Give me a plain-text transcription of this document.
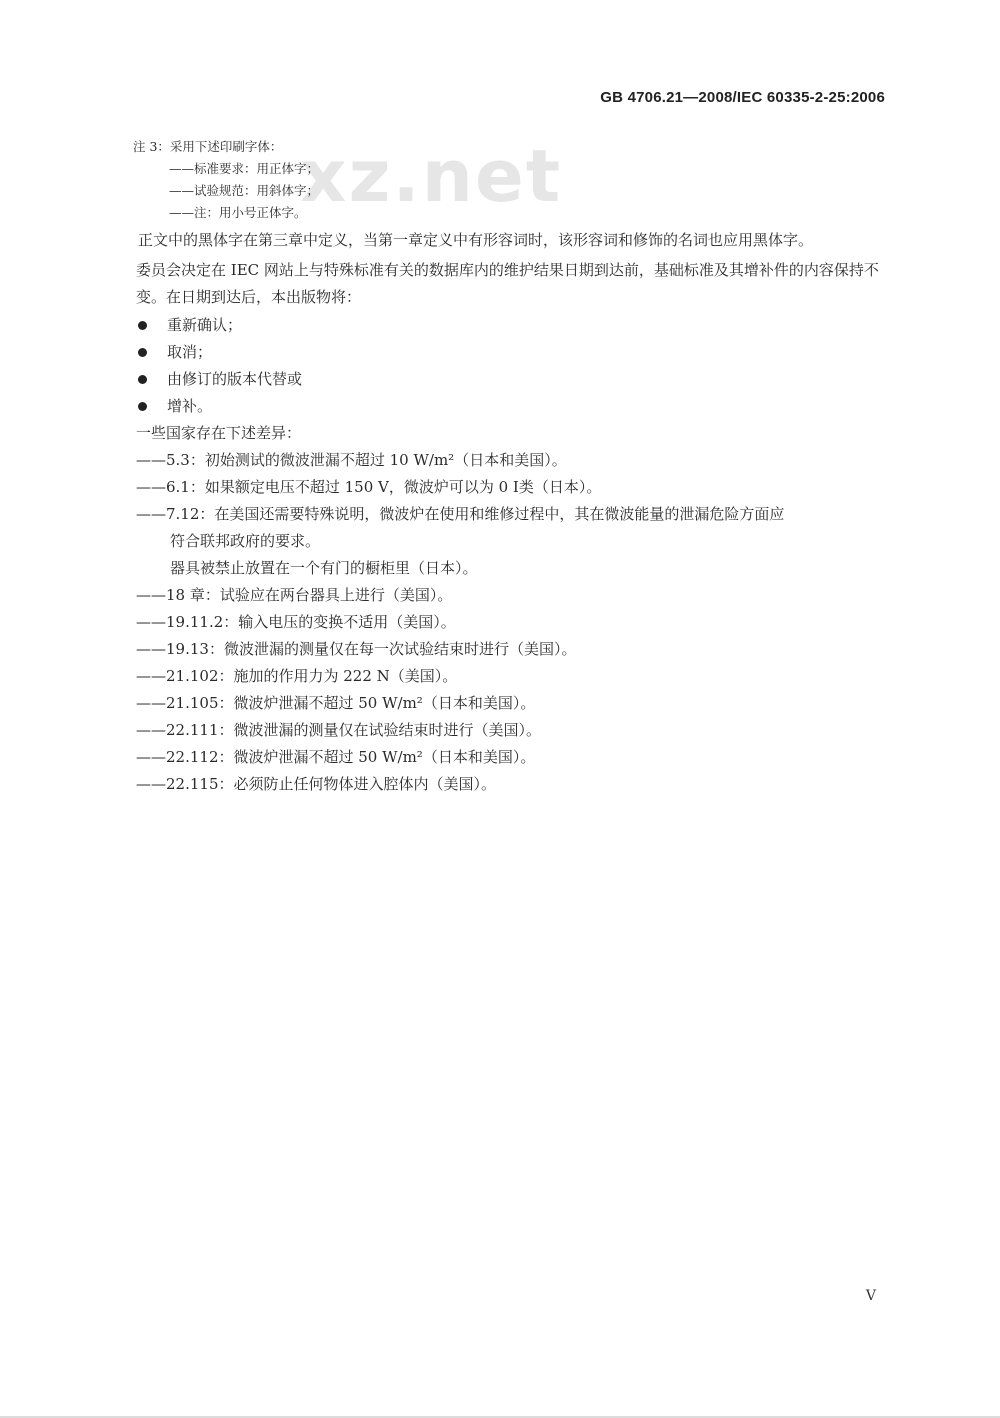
GB 4706.21—2008/IEC 60335-2-25:2006
xz.net
注 3：采用下述印刷字体：
——标准要求：用正体字；
——试验规范：用斜体字；
——注：用小号正体字。

正文中的黑体字在第三章中定义，当第一章定义中有形容词时，该形容词和修饰的名词也应用黑体字。

委员会决定在 IEC 网站上与特殊标准有关的数据库内的维护结果日期到达前，基础标准及其增补件的内容保持不变。在日期到达后，本出版物将：

重新确认；
取消；
由修订的版本代替或
增补。
一些国家存在下述差异：
——5.3：初始测试的微波泄漏不超过 10 W/m²（日本和美国）。
——6.1：如果额定电压不超过 150 V，微波炉可以为 0 Ⅰ类（日本）。
——7.12：在美国还需要特殊说明，微波炉在使用和维修过程中，其在微波能量的泄漏危险方面应
符合联邦政府的要求。
器具被禁止放置在一个有门的橱柜里（日本）。
——18 章：试验应在两台器具上进行（美国）。
——19.11.2：输入电压的变换不适用（美国）。
——19.13：微波泄漏的测量仅在每一次试验结束时进行（美国）。
——21.102：施加的作用力为 222 N（美国）。
——21.105：微波炉泄漏不超过 50 W/m²（日本和美国）。
——22.111：微波泄漏的测量仅在试验结束时进行（美国）。
——22.112：微波炉泄漏不超过 50 W/m²（日本和美国）。
——22.115：必须防止任何物体进入腔体内（美国）。
V
